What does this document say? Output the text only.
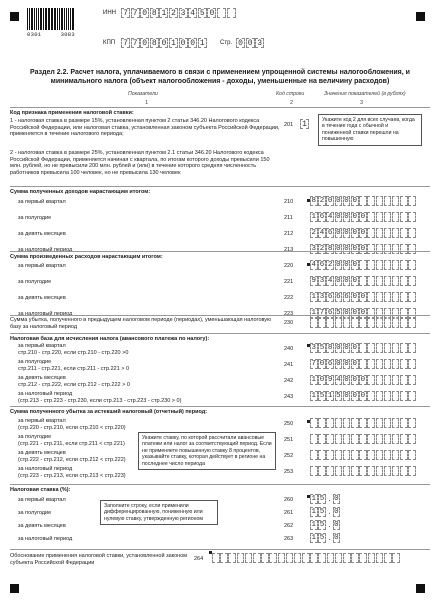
0301	3083
ИНН 7 7 0 8 1 2 3 4 5 0
КПП 7 7 0 8 0 1 0 0 1	Стр. 0 0 3
Раздел 2.2. Расчет налога, уплачиваемого в связи с применением упрощенной системы налогообложения, и
минимального налога (объект налогообложения - доходы, уменьшенные на величину расходов)
Показатели	Код строки	Значения показателей (в рублях)
1	2	3
Код признака применения налоговой ставки:
1 - налоговая ставка в размере 15%, установленная пунктом 2 статьи 346.20 Налогового кодекса Российской Федерации, или налоговая ставка, установленная законом субъекта Российской Федерации, применяется в течение налогового периода;
201 1	Укажите код 2 для всех случаев, когда в течение года с обычной и пониженной ставки перешли на повышенную
2 - налоговая ставка в размере 25%, установленная пунктом 2.1 статьи 346.20 Налогового кодекса Российской Федерации, применяется начиная с квартала, по итогам которого доходы превысили 150 млн. рублей, но не превысили 200 млн. рублей и (или) в течение которого средняя численность работников превысила 100 человек, но не превысила 130 человек
Сумма полученных доходов нарастающим итогом:
за первый квартал	210 8 2 0 0 0 0
за полугодие	211	1 6 4 0 0 0 0
за девять месяцев	212 2 4 6 0 0 0 0
за налоговый период	213 3 2 8 0 0 0 0
Сумма произведенных расходов нарастающим итогом:
за первый квартал	220 4 6 2 0 0 0
за полугодие	221 9 3 4 0 0 0
за девять месяцев	222 1 3 6 6 6 0 0
за налоговый период	223 1 7 6 5 0 0 0
Сумма убытка, полученного в предыдущем налоговом периоде (периодах), уменьшающая налоговую базу за налоговый период
230
Налоговая база для исчисления налога (авансового платежа по налогу):
за первый квартал
стр.210 - стр.220, если стр.210 - стр.220 >0
240 3 5 8 0 0 0
за полугодие
стр.211 - стр.221, если стр.211 - стр.221 > 0
241 7 0 6 0 0 0
за девять месяцев
стр.212 - стр.222, если стр.212 - стр.222 > 0
242 1 0 9 4 0 0 0
за налоговый период
(стр.213 - стр.223 - стр.230, если стр.213 - стр.223 - стр.230 > 0)
243 1 5 1 5 0 0 0
Сумма полученного убытка за истекший налоговый (отчетный) период:
за первый квартал
(стр.220 - стр.210, если стр.210 < стр.220)
250
за полугодие
(стр.221 - стр.211, если стр.211 < стр.221)
251
за девять месяцев
(стр.222 - стр.212, если стр.212 < стр.222)
252
за налоговый период
(стр.223 - стр.213, если стр.213 < стр.223)
253
Укажите ставку, по которой рассчитали авансовые платежи или налог за соответствующий период. Если не применяете повышенную ставку 8 процентов, указывайте ставку, которая действует в регионе на последнее число периода
Налоговая ставка (%):
за первый квартал	260 1 5 . 0
за полугодие	261 1 5 . 0
за девять месяцев	262 1 5 . 0
за налоговый период	263 1 5 . 0
Заполните строку, если применили дифференцированную, пониженную или нулевую ставку, утвержденную регионом
Обоснование применения налоговой ставки, установленной законом субъекта Российской Федерации
264
